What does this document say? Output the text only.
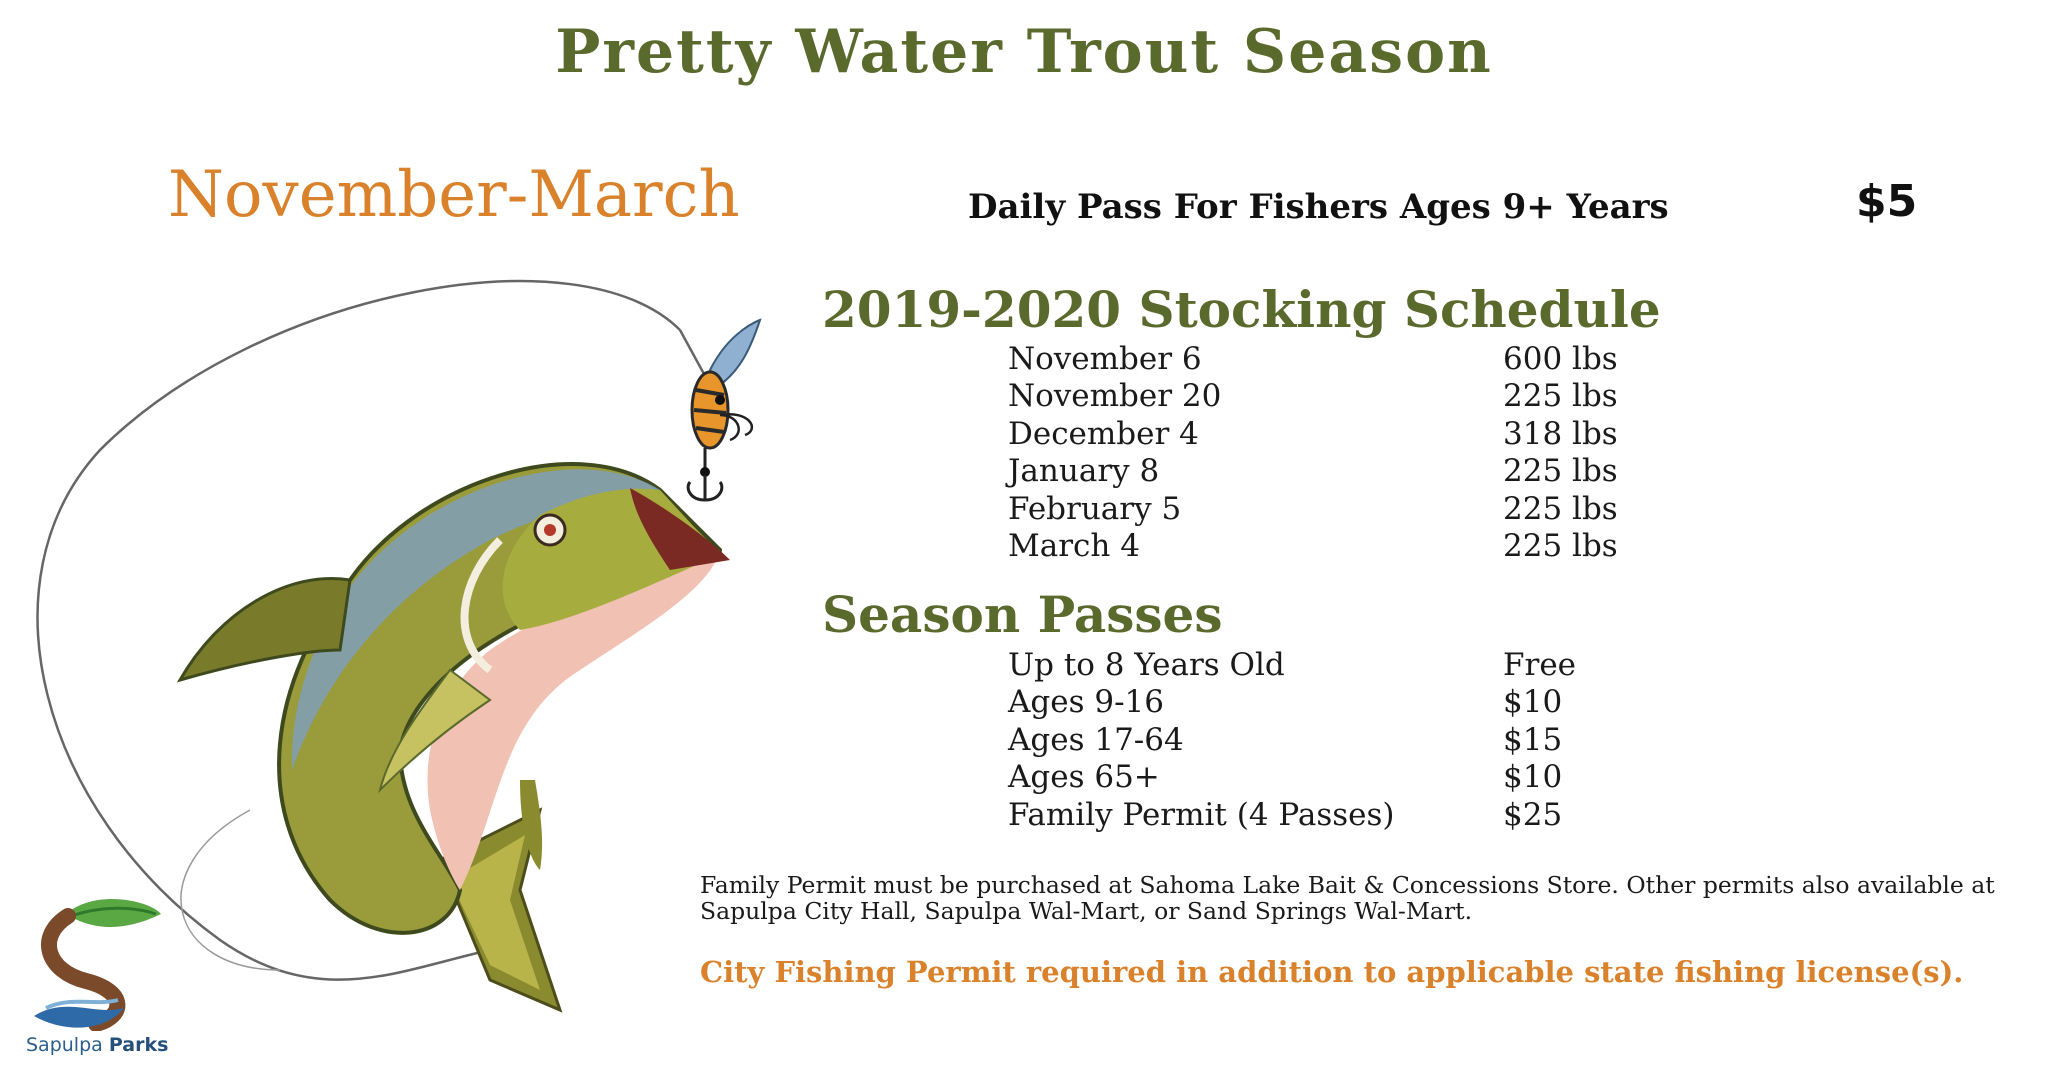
Pretty Water Trout Season
November-March	Daily Pass For Fishers Ages 9+ Years	$5
2019-2020 Stocking Schedule
November 6	600 lbs
November 20	225 lbs
December 4	318 lbs
January 8	225 lbs
February 5	225 lbs
March 4	225 lbs
Season Passes
Up to 8 Years Old	Free
Ages 9-16	$10
Ages 17-64	$15
Ages 65+	$10
Family Permit (4 Passes)	$25
Family Permit must be purchased at Sahoma Lake Bait & Concessions Store. Other permits also available at Sapulpa City Hall, Sapulpa Wal-Mart, or Sand Springs Wal-Mart.
City Fishing Permit required in addition to applicable state fishing license(s).
Sapulpa Parks
